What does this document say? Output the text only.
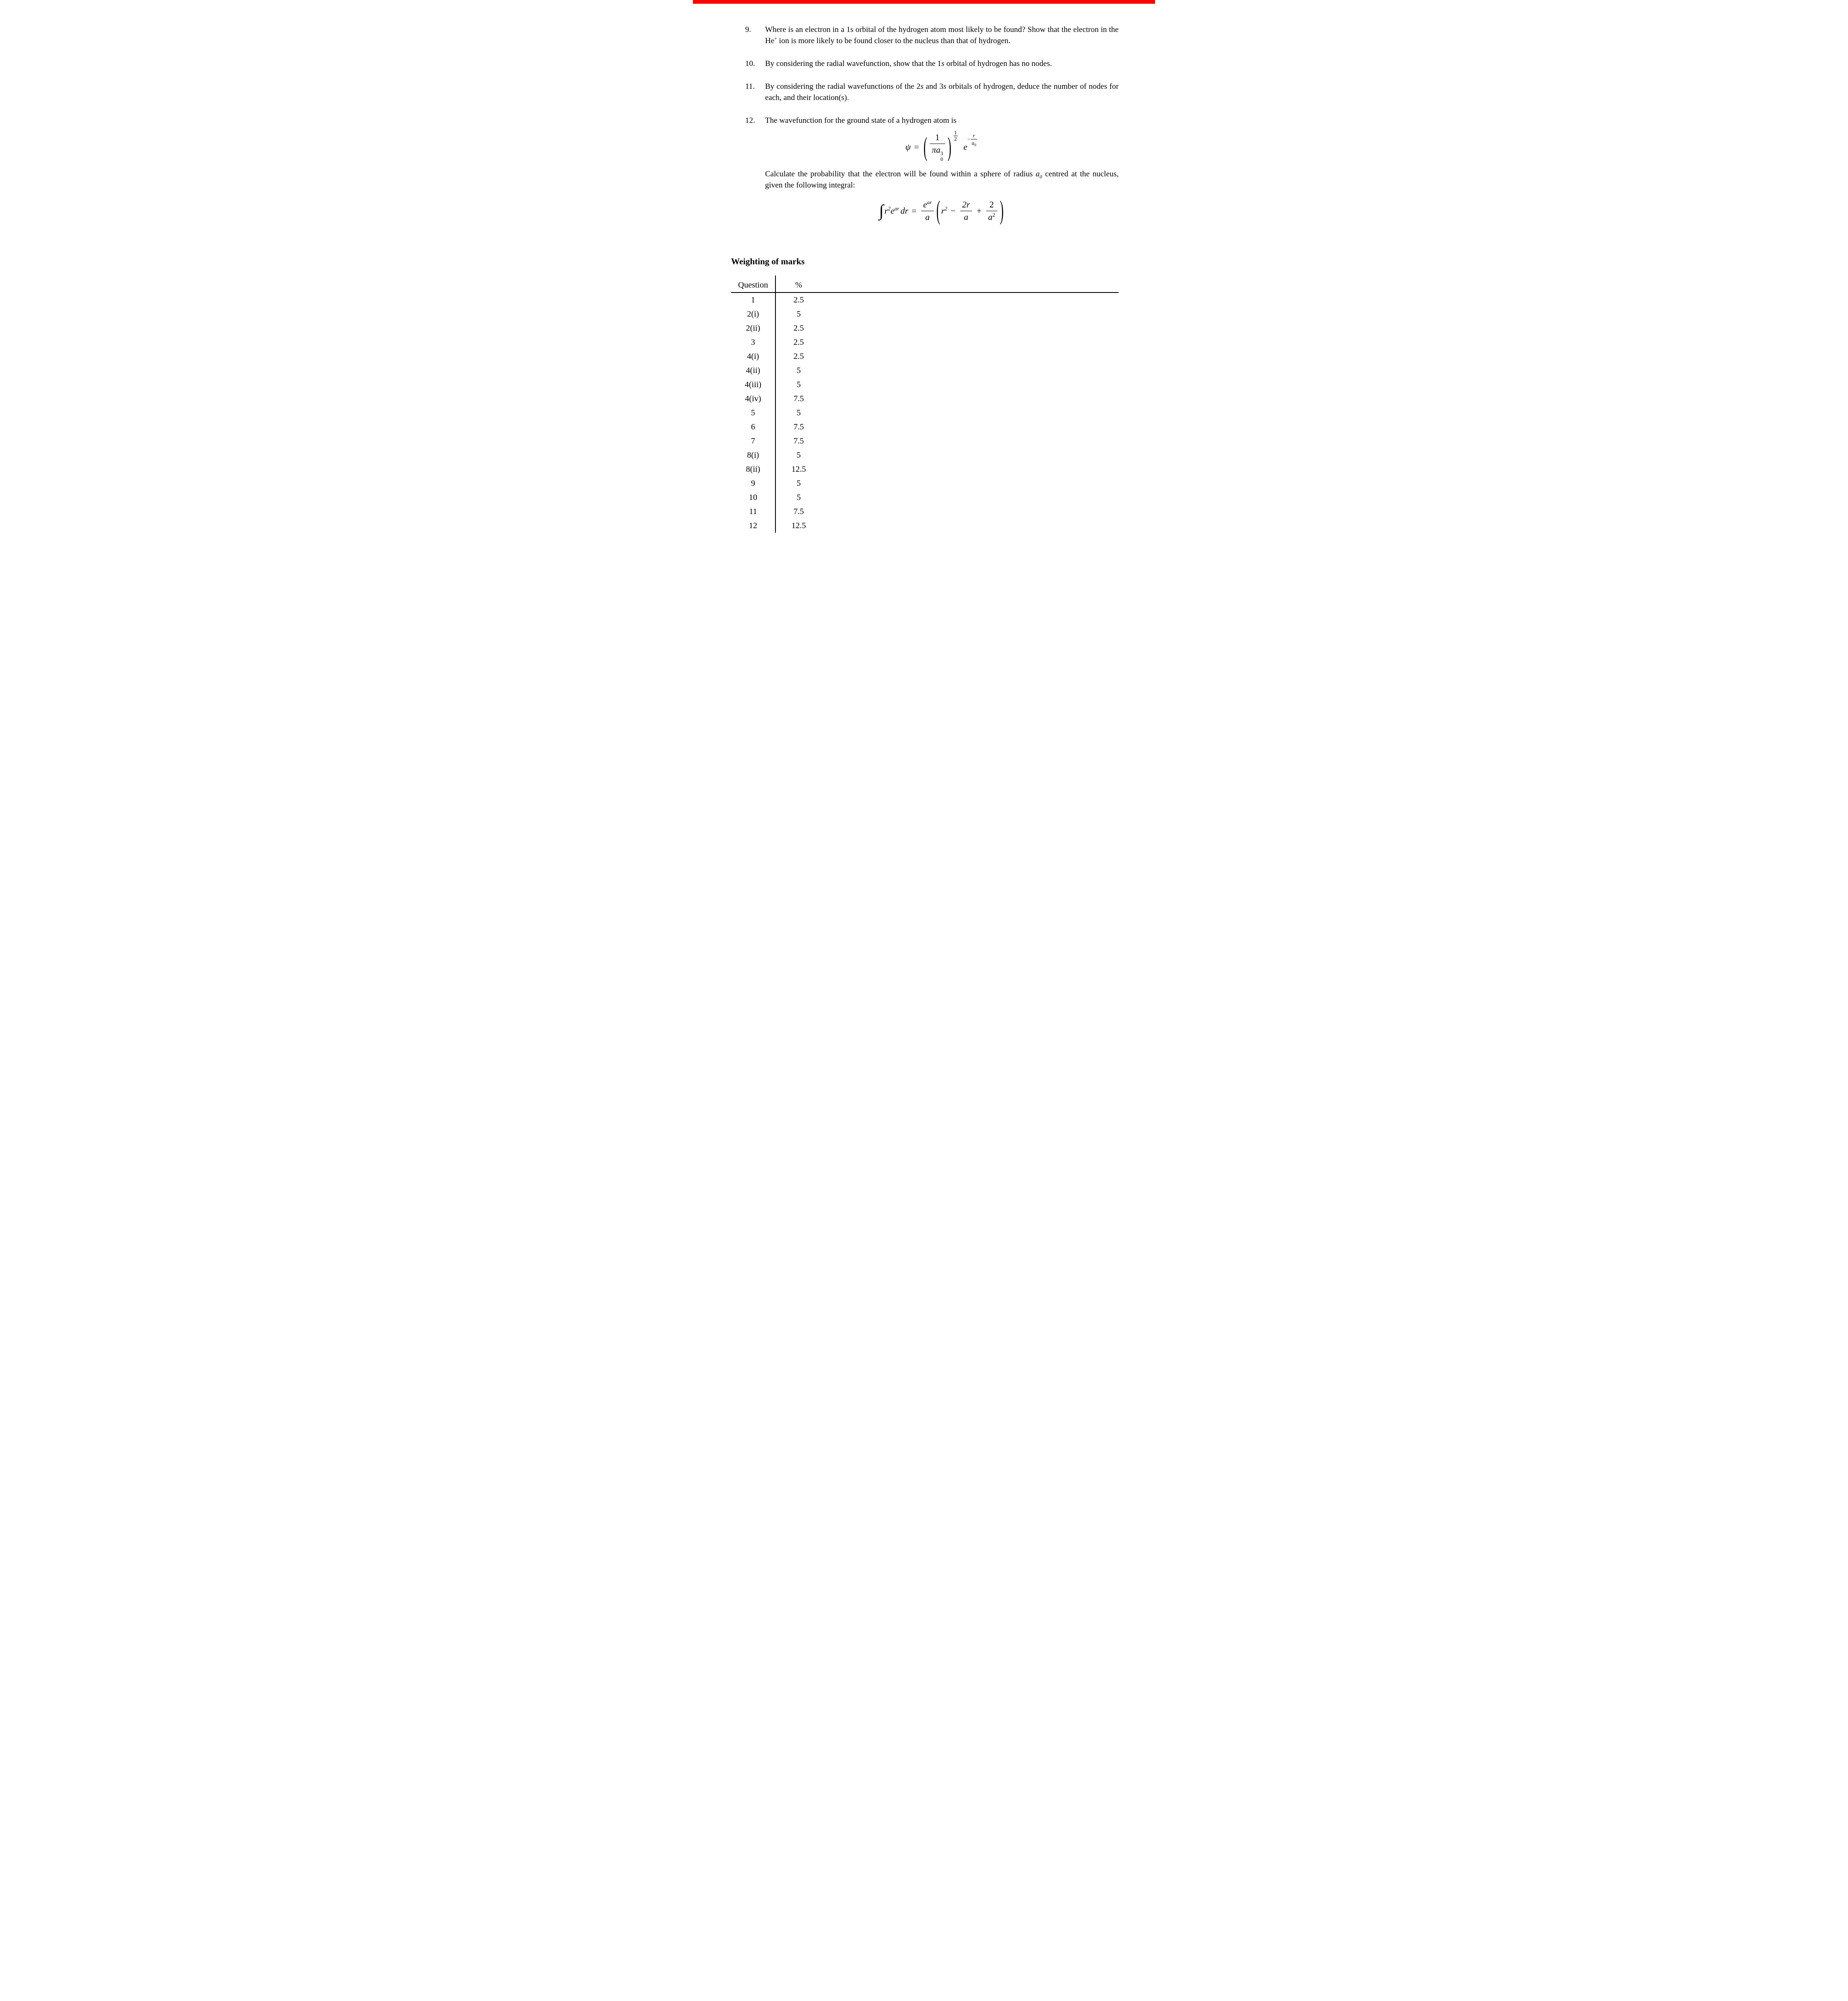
9.	Where is an electron in a 1s orbital of the hydrogen atom most likely to be found? Show that the electron in the He+ ion is more likely to be found closer to the nucleus than that of hydrogen.
10.	By considering the radial wavefunction, show that the 1s orbital of hydrogen has no nodes.
11.	By considering the radial wavefunctions of the 2s and 3s orbitals of hydrogen, deduce the number of nodes for each, and their location(s).
12.	The wavefunction for the ground state of a hydrogen atom is
ψ = ( 1
πa 3
0 ) $\frac{1}{2}$
e
− $\frac{r}{a_0}$
Calculate the probability that the electron will be found within a sphere of radius $a_0$ centred at the nucleus, given the following integral:
∫ $r^2e^{ar}$ dr = $\frac{e^{ar}}{a}$ ( $r^2 - \frac{2r}{a} + \frac{2}{a^2}$ )
Weighting of marks
Question	%
1	2.5
2(i)	5
2(ii)	2.5
3	2.5
4(i)	2.5
4(ii)	5
4(iii)	5
4(iv)	7.5
5	5
6	7.5
7	7.5
8(i)	5
8(ii)	12.5
9	5
10	5
11	7.5
12	12.5
